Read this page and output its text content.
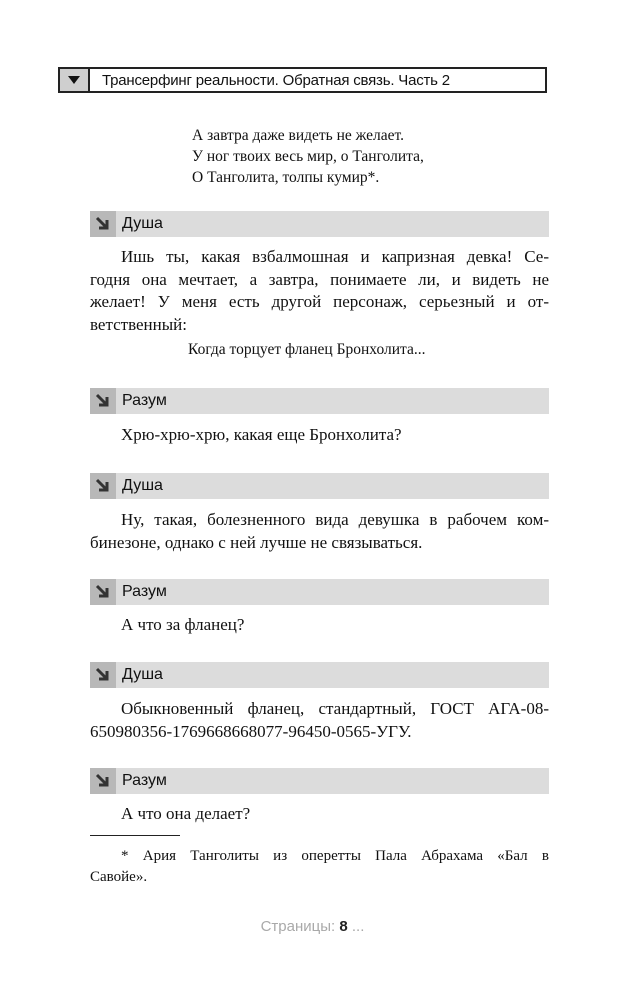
Трансерфинг реальности. Обратная связь. Часть 2
А завтра даже видеть не желает.
У ног твоих весь мир, о Танголита,
О Танголита, толпы кумир*.
Душа
Ишь ты, какая взбалмошная и капризная девка! Се-
годня она мечтает, а завтра, понимаете ли, и видеть не
желает! У меня есть другой персонаж, серьезный и от-
ветственный:
Когда торцует фланец Бронхолита...
Разум
Хрю-хрю-хрю, какая еще Бронхолита?
Душа
Ну, такая, болезненного вида девушка в рабочем ком-
бинезоне, однако с ней лучше не связываться.
Разум
А что за фланец?
Душа
Обыкновенный фланец, стандартный, ГОСТ АГА-08-
650980356-1769668668077-96450-0565-УГУ.
Разум
А что она делает?
* Ария Танголиты из оперетты Пала Абрахама «Бал в
Савойе».
Страницы: 8 ...
